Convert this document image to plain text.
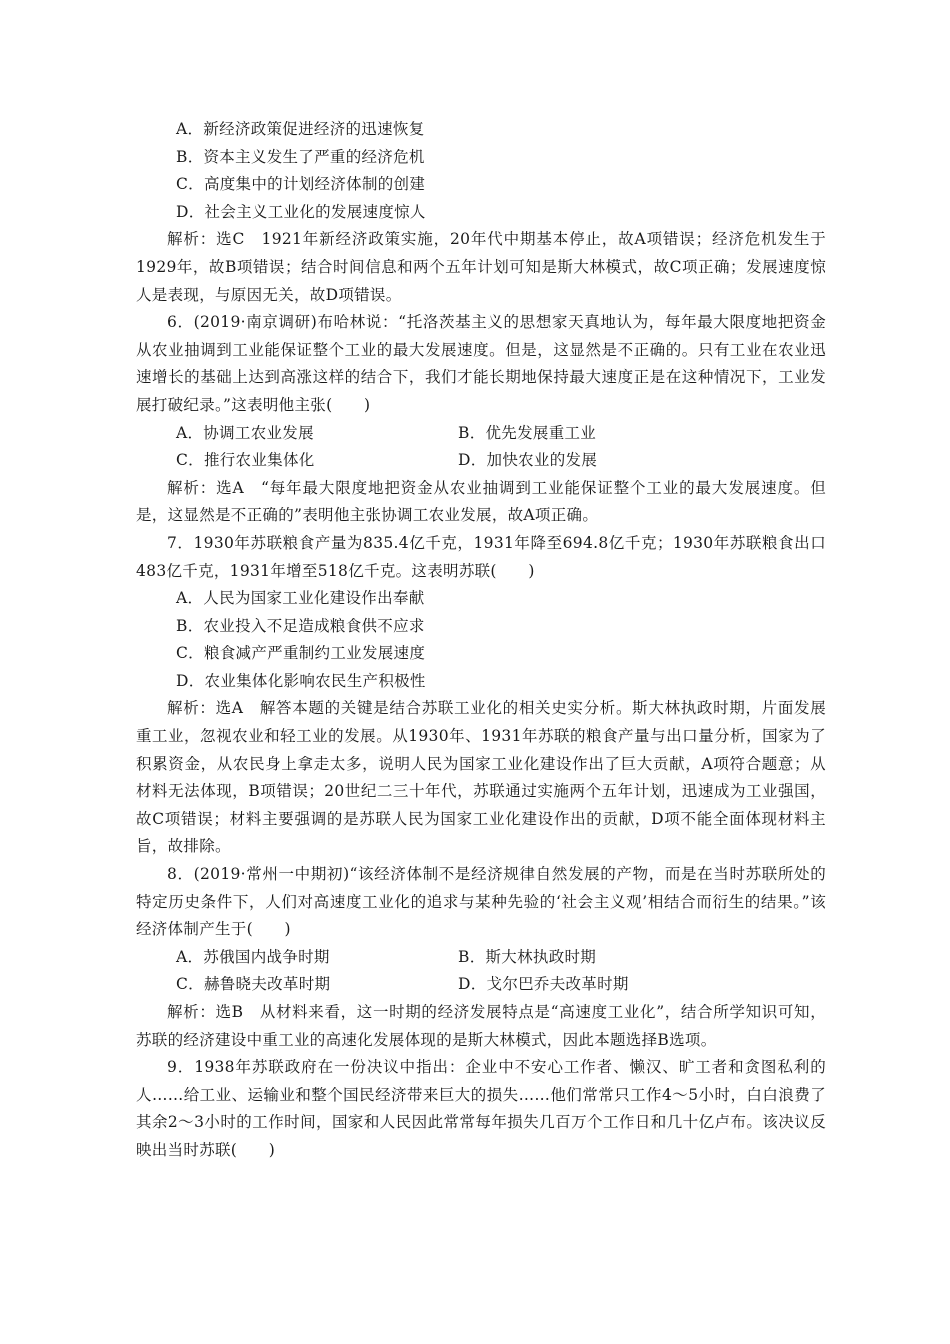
A．新经济政策促进经济的迅速恢复

B．资本主义发生了严重的经济危机

C．高度集中的计划经济体制的创建

D．社会主义工业化的发展速度惊人

解析：选C　1921年新经济政策实施，20年代中期基本停止，故A项错误；经济危机发生于1929年，故B项错误；结合时间信息和两个五年计划可知是斯大林模式，故C项正确；发展速度惊人是表现，与原因无关，故D项错误。

6．(2019·南京调研)布哈林说：“托洛茨基主义的思想家天真地认为，每年最大限度地把资金从农业抽调到工业能保证整个工业的最大发展速度。但是，这显然是不正确的。只有工业在农业迅速增长的基础上达到高涨这样的结合下，我们才能长期地保持最大速度正是在这种情况下，工业发展打破纪录。”这表明他主张(　　)

A．协调工农业发展	B．优先发展重工业
C．推行农业集体化	D．加快农业的发展

解析：选A　“每年最大限度地把资金从农业抽调到工业能保证整个工业的最大发展速度。但是，这显然是不正确的”表明他主张协调工农业发展，故A项正确。

7．1930年苏联粮食产量为835.4亿千克，1931年降至694.8亿千克；1930年苏联粮食出口483亿千克，1931年增至518亿千克。这表明苏联(　　)

A．人民为国家工业化建设作出奉献

B．农业投入不足造成粮食供不应求

C．粮食减产严重制约工业发展速度

D．农业集体化影响农民生产积极性

解析：选A　解答本题的关键是结合苏联工业化的相关史实分析。斯大林执政时期，片面发展重工业，忽视农业和轻工业的发展。从1930年、1931年苏联的粮食产量与出口量分析，国家为了积累资金，从农民身上拿走太多，说明人民为国家工业化建设作出了巨大贡献，A项符合题意；从材料无法体现，B项错误；20世纪二三十年代，苏联通过实施两个五年计划，迅速成为工业强国，故C项错误；材料主要强调的是苏联人民为国家工业化建设作出的贡献，D项不能全面体现材料主旨，故排除。

8．(2019·常州一中期初)“该经济体制不是经济规律自然发展的产物，而是在当时苏联所处的特定历史条件下，人们对高速度工业化的追求与某种先验的‘社会主义观’相结合而衍生的结果。”该经济体制产生于(　　)

A．苏俄国内战争时期	B．斯大林执政时期
C．赫鲁晓夫改革时期	D．戈尔巴乔夫改革时期

解析：选B　从材料来看，这一时期的经济发展特点是“高速度工业化”，结合所学知识可知，苏联的经济建设中重工业的高速化发展体现的是斯大林模式，因此本题选择B选项。

9．1938年苏联政府在一份决议中指出：企业中不安心工作者、懒汉、旷工者和贪图私利的人……给工业、运输业和整个国民经济带来巨大的损失……他们常常只工作4～5小时，白白浪费了其余2～3小时的工作时间，国家和人民因此常常每年损失几百万个工作日和几十亿卢布。该决议反映出当时苏联(　　)
